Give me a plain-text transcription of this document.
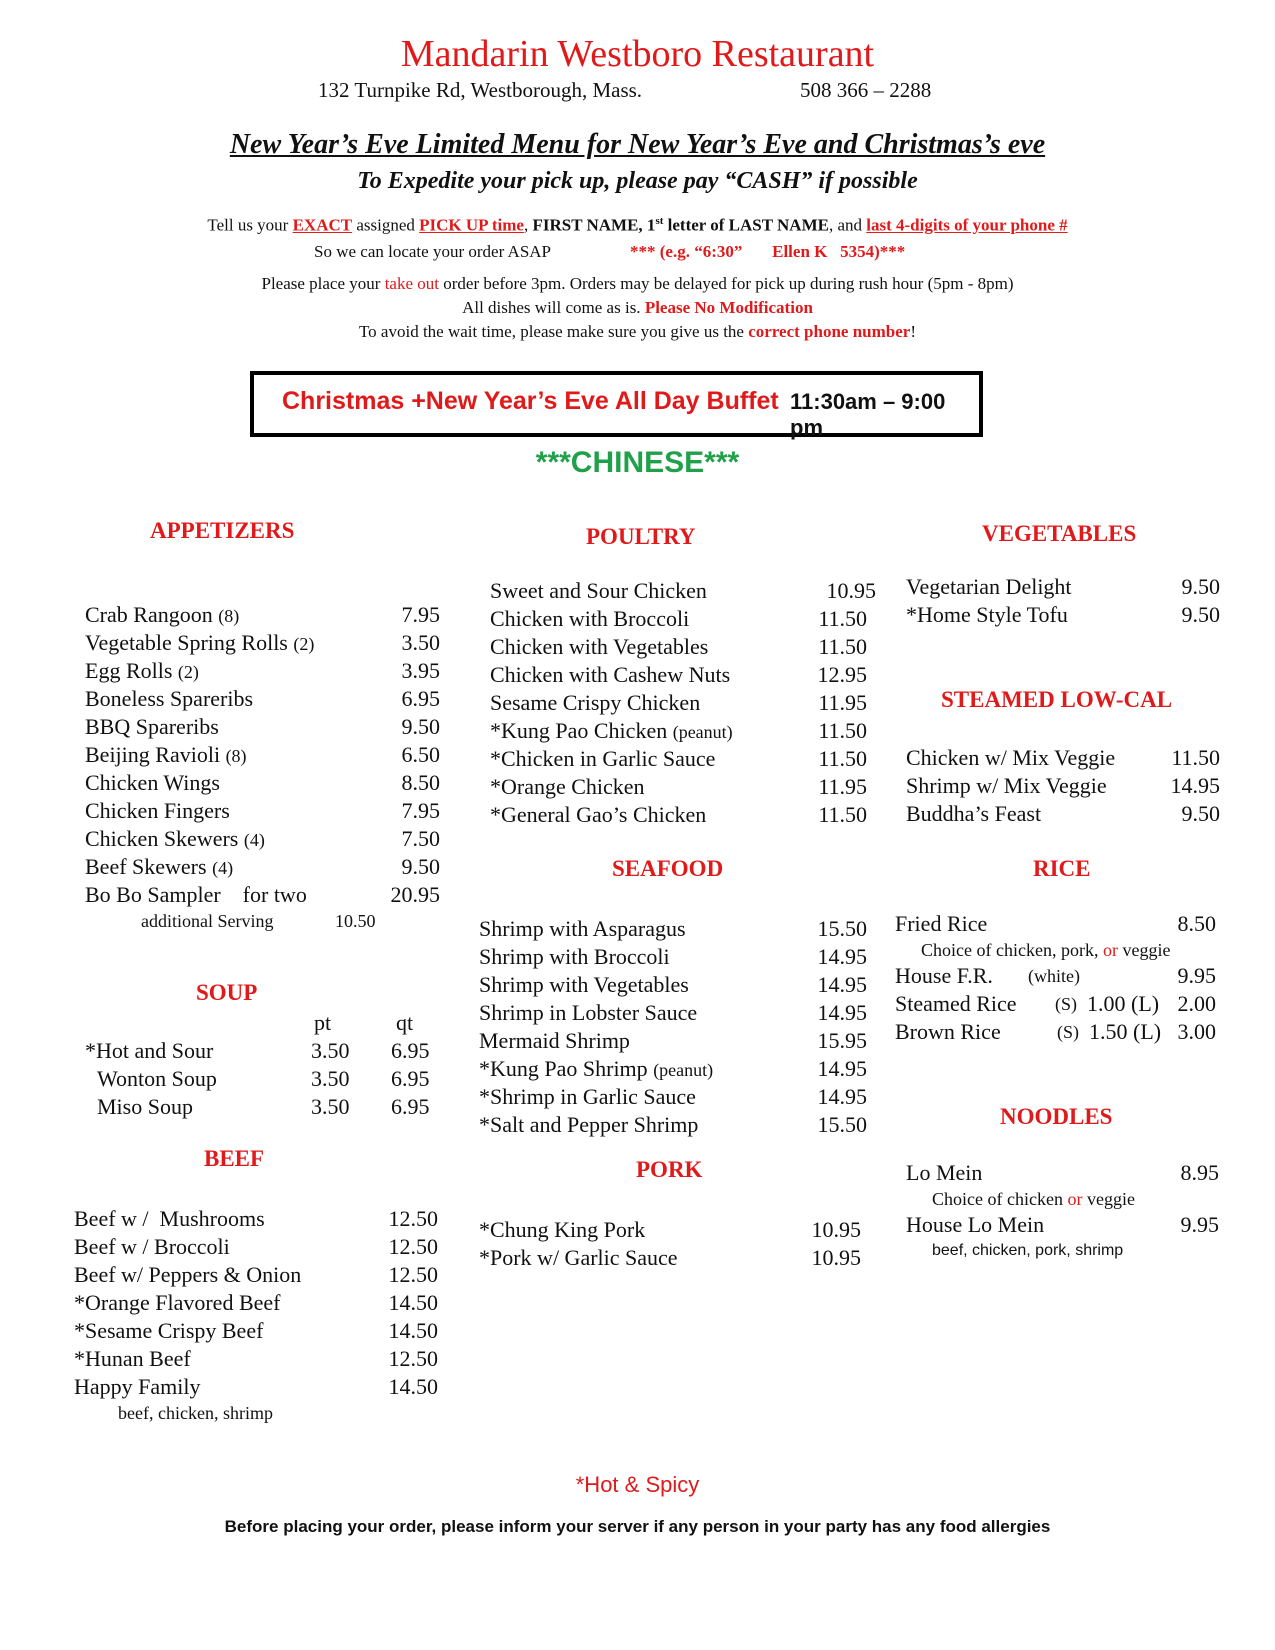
Mandarin Westboro Restaurant
132 Turnpike Rd, Westborough, Mass.	508 366 – 2288
New Year’s Eve Limited Menu for New Year’s Eve and Christmas’s eve
To Expedite your pick up, please pay “CASH” if possible
Tell us your EXACT assigned PICK UP time, FIRST NAME, 1st letter of LAST NAME, and last 4-digits of your phone #
So we can locate your order ASAP	*** (e.g. “6:30”       Ellen K   5354)***
Please place your take out order before 3pm. Orders may be delayed for pick up during rush hour (5pm - 8pm)
All dishes will come as is. Please No Modification
To avoid the wait time, please make sure you give us the correct phone number!
Christmas +New Year’s Eve All Day Buffet 11:30am – 9:00 pm
***CHINESE***
APPETIZERS
Crab Rangoon (8)	7.95
Vegetable Spring Rolls (2)	3.50
Egg Rolls (2)	3.95
Boneless Spareribs	6.95
BBQ Spareribs	9.50
Beijing Ravioli (8)	6.50
Chicken Wings	8.50
Chicken Fingers	7.95
Chicken Skewers (4)	7.50
Beef Skewers (4)	9.50
Bo Bo Sampler    for two	20.95
additional Serving	10.50
SOUP
pt	qt
*Hot and Sour	3.50 6.95
Wonton Soup	3.50 6.95
Miso Soup	3.50 6.95
BEEF
Beef w /  Mushrooms	12.50
Beef w / Broccoli	12.50
Beef w/ Peppers & Onion	12.50
*Orange Flavored Beef	14.50
*Sesame Crispy Beef	14.50
*Hunan Beef	12.50
Happy Family	14.50
beef, chicken, shrimp
POULTRY
Sweet and Sour Chicken	10.95
Chicken with Broccoli	11.50
Chicken with Vegetables	11.50
Chicken with Cashew Nuts	12.95
Sesame Crispy Chicken	11.95
*Kung Pao Chicken (peanut)	11.50
*Chicken in Garlic Sauce	11.50
*Orange Chicken	11.95
*General Gao’s Chicken	11.50
SEAFOOD
Shrimp with Asparagus	15.50
Shrimp with Broccoli	14.95
Shrimp with Vegetables	14.95
Shrimp in Lobster Sauce	14.95
Mermaid Shrimp	15.95
*Kung Pao Shrimp (peanut)	14.95
*Shrimp in Garlic Sauce	14.95
*Salt and Pepper Shrimp	15.50
PORK
*Chung King Pork	10.95
*Pork w/ Garlic Sauce	10.95
VEGETABLES
Vegetarian Delight	9.50
*Home Style Tofu	9.50
STEAMED LOW-CAL
Chicken w/ Mix Veggie	11.50
Shrimp w/ Mix Veggie	14.95
Buddha’s Feast	9.50
RICE
Fried Rice	8.50
Choice of chicken, pork, or veggie
House F.R. (white)	9.95
Steamed Rice (S) 1.00 (L) 2.00
Brown Rice	(S) 1.50 (L) 3.00
NOODLES
Lo Mein	8.95
Choice of chicken or veggie
House Lo Mein	9.95
beef, chicken, pork, shrimp
*Hot & Spicy
Before placing your order, please inform your server if any person in your party has any food allergies
